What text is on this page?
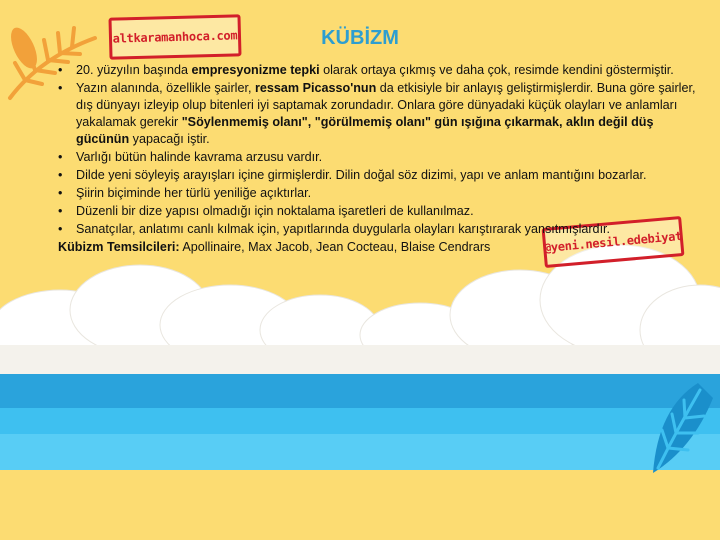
altkaramanhoca.com
@yeni.nesil.edebiyat
KÜBİZM
• 20. yüzyılın başında empresyonizme tepki olarak ortaya çıkmış ve daha çok, resimde kendini göstermiştir.
• Yazın alanında, özellikle şairler, ressam Picasso'nun da etkisiyle bir anlayış geliştirmişlerdir. Buna göre şairler, dış dünyayı izleyip olup bitenleri iyi saptamak zorundadır. Onlara göre dünyadaki küçük olayları ve anlamları yakalamak gerekir "Söylenmemiş olanı", "görülmemiş olanı" gün ışığına çıkarmak, aklın değil düş gücünün yapacağı iştir.
• Varlığı bütün halinde kavrama arzusu vardır.
• Dilde yeni söyleyiş arayışları içine girmişlerdir. Dilin doğal söz dizimi, yapı ve anlam mantığını bozarlar.
• Şiirin biçiminde her türlü yeniliğe açıktırlar.
• Düzenli bir dize yapısı olmadığı için noktalama işaretleri de kullanılmaz.
• Sanatçılar, anlatımı canlı kılmak için, yapıtlarında duygularla olayları karıştırarak yansıtmışlardır.
Kübizm Temsilcileri: Apollinaire, Max Jacob, Jean Cocteau, Blaise Cendrars
